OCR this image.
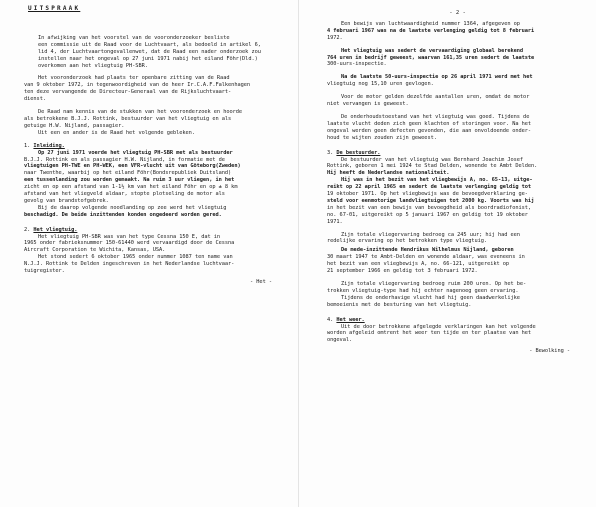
UITSPRAAK
In afwijking van het voorstel van de vooronderzoeker besliste
een commissie uit de Raad voor de Luchtvaart, als bedoeld in artikel 6,
lid 4, der Luchtvaartongevallenwet, dat de Raad een nader onderzoek zou
instellen naar het ongeval op 27 juni 1971 nabij het eiland Föhr(Dld.)
overkomen aan het vliegtuig PH-SBR.
Het vooronderzoek had plaats ter openbare zitting van de Raad
van 9 oktober 1972, in tegenwoordigheid van de heer Ir.C.A.F.Falkenhagen
ten deze vervangende de Directeur-Generaal van de Rijksluchtvaart-
dienst.
De Raad nam kennis van de stukken van het vooronderzoek en hoorde
als betrokkene B.J.J. Rottink, bestuurder van het vliegtuig en als
getuige H.W. Nijland, passagier.
Uit een en ander is de Raad het volgende gebleken.
1. Inleiding.
Op 27 juni 1971 voerde het vliegtuig PH-SBR met als bestuurder
B.J.J. Rottink en als passagier H.W. Nijland, in formatie met de
vliegtuigen PH-TWE en PH-WEK, een VFR-vlucht uit van Göteborg(Zweden)
naar Twenthe, waarbij op het eiland Föhr(Bondsrepubliek Duitsland)
een tussenlanding zou worden gemaakt. Na ruim 3 uur vliegen, in het
zicht en op een afstand van 1-1½ km van het eiland Föhr en op ± 8 km
afstand van het vliegveld aldaar, stopte plotseling de motor als
gevolg van brandstofgebrek.
Bij de daarop volgende noodlanding op zee werd het vliegtuig
beschadigd. De beide inzittenden konden ongedeerd worden gered.
2. Het vliegtuig.
Het vliegtuig PH-SBR was van het type Cessna 150 E, dat in
1965 onder fabrieksnummer 150-61440 werd vervaardigd door de Cessna
Aircraft Corporation te Wichita, Kansas, USA.
Het stond sedert 6 oktober 1965 onder nummer 1087 ten name van
N.J.J. Rottink te Delden ingeschreven in het Nederlandse luchtvaar-
tuigregister.
- Het -
- 2 -
Een bewijs van luchtwaardigheid nummer 1364, afgegeven op
4 februari 1967 was na de laatste verlenging geldig tot 8 februari
1972.
Het vliegtuig was sedert de vervaardiging globaal berekend
764 uren in bedrijf geweest, waarvan 161,35 uren sedert de laatste
300-uurs-inspectie.
Na de laatste 50-uurs-inspectie op 26 april 1971 werd met het
vliegtuig nog 15,10 uren gevlogen.
Voor de motor gelden dezelfde aantallen uren, omdat de motor
niet vervangen is geweest.
De onderhoudstoestand van het vliegtuig was goed. Tijdens de
laatste vlucht deden zich geen klachten of storingen voor. Na het
ongeval werden geen defecten gevonden, die aan onvoldoende onder-
houd te wijten zouden zijn geweest.
3. De bestuurder.
De bestuurder van het vliegtuig was Bernhard Joachim Josef
Rottink, geboren 1 mei 1924 te Stad Delden, wonende te Ambt Delden.
Hij heeft de Nederlandse nationaliteit.
Hij was in het bezit van het vliegbewijs A, no. 65-13, uitge-
reikt op 22 april 1965 en sedert de laatste verlenging geldig tot
19 oktober 1971. Op het vliegbewijs was de bevoegdverklaring ge-
steld voor eenmotorige landvliegtuigen tot 2000 kg. Voorts was hij
in het bezit van een bewijs van bevoegdheid als boordradiofonist,
no. 67-01, uitgereikt op 5 januari 1967 en geldig tot 19 oktober
1971.
Zijn totale vliegervaring bedroeg ca 245 uur; hij had een
redelijke ervaring op het betrokken type vliegtuig.
De mede-inzittende Hendrikus Wilhelmus Nijland, geboren
30 maart 1947 te Ambt-Delden en wonende aldaar, was eveneens in
het bezit van een vliegbewijs A, no. 66-121, uitgereikt op
21 september 1966 en geldig tot 3 februari 1972.
Zijn totale vliegervaring bedroeg ruim 200 uren. Op het be-
trokken vliegtuig-type had hij echter nagenoeg geen ervaring.
Tijdens de onderhavige vlucht had hij geen daadwerkelijke
bemoeienis met de besturing van het vliegtuig.
4. Het weer.
Uit de door betrokkene afgelegde verklaringen kan het volgende
worden afgeleid omtrent het weer ten tijde en ter plaatse van het
ongeval.
- Bewolking -
